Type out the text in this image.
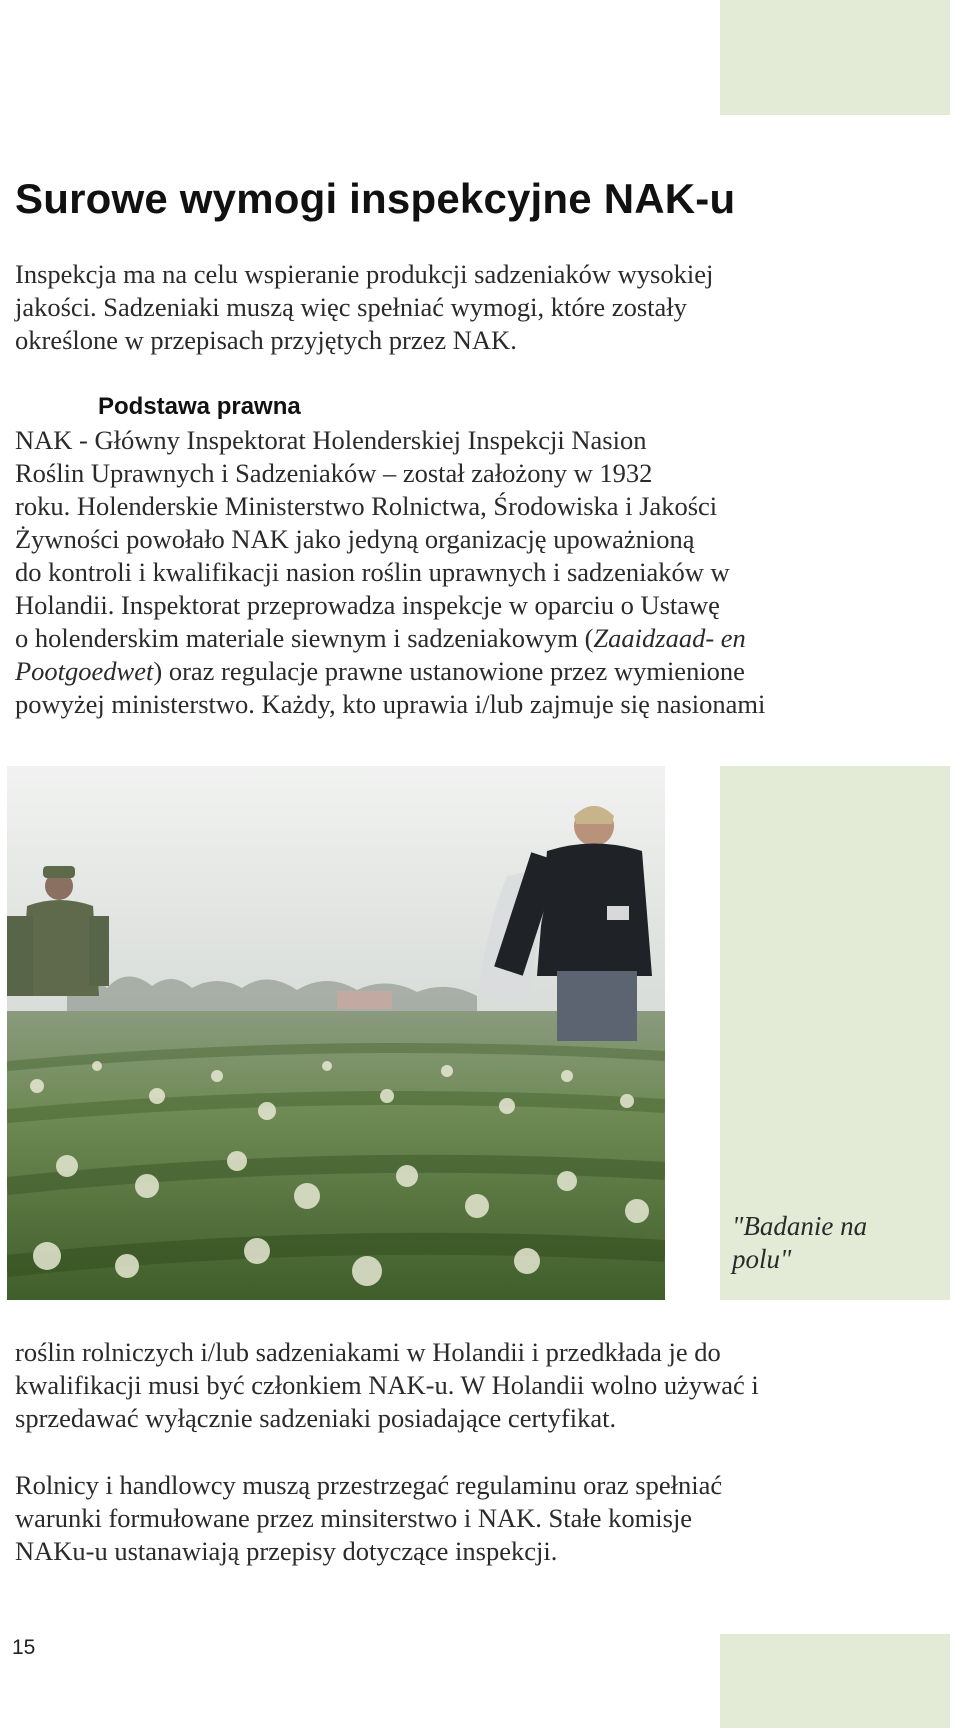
Surowe wymogi inspekcyjne NAK-u

Inspekcja ma na celu wspieranie produkcji sadzeniaków wysokiej
jakości. Sadzeniaki muszą więc spełniać wymogi, które zostały
określone w przepisach przyjętych przez NAK.

Podstawa prawna

NAK - Główny Inspektorat Holenderskiej Inspekcji Nasion
Roślin Uprawnych i Sadzeniaków – został założony w 1932
roku. Holenderskie Ministerstwo Rolnictwa, Środowiska i Jakości
Żywności powołało NAK jako jedyną organizację upoważnioną
do kontroli i kwalifikacji nasion roślin uprawnych i sadzeniaków w
Holandii. Inspektorat przeprowadza inspekcje w oparciu o Ustawę
o holenderskim materiale siewnym i sadzeniakowym (Zaaidzaad- en
Pootgoedwet) oraz regulacje prawne ustanowione przez wymienione
powyżej ministerstwo. Każdy, kto uprawia i/lub zajmuje się nasionami

"Badanie na
polu"

roślin rolniczych i/lub sadzeniakami w Holandii i przedkłada je do
kwalifikacji musi być członkiem NAK-u. W Holandii wolno używać i
sprzedawać wyłącznie sadzeniaki posiadające certyfikat.

Rolnicy i handlowcy muszą przestrzegać regulaminu oraz spełniać
warunki formułowane przez minsiterstwo i NAK. Stałe komisje
NAKu-u ustanawiają przepisy dotyczące inspekcji.

15
